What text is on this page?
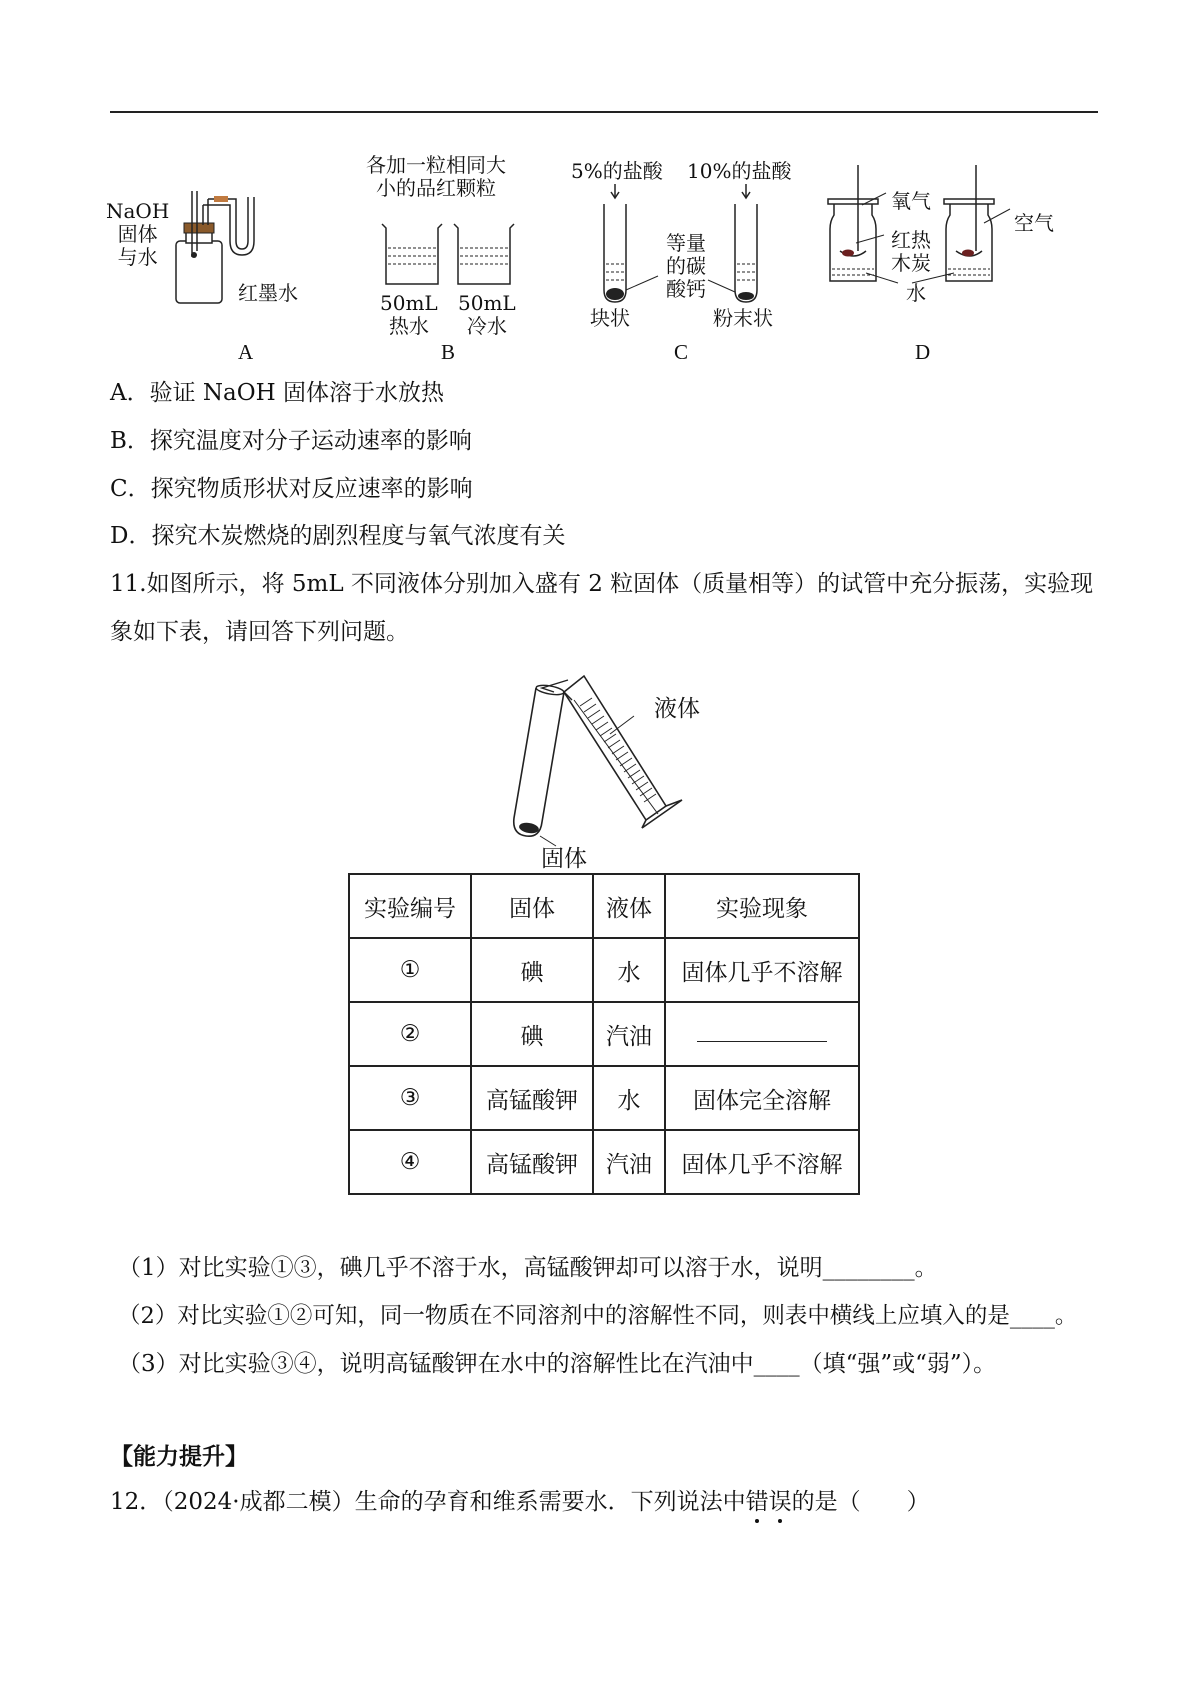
NaOH
固体
与水
红墨水
A
各加一粒相同大
小的品红颗粒
50mL
热水
50mL
冷水
B
5%的盐酸 10%的盐酸
等量
的碳
酸钙
块状	粉末状
C
氧气
红热
木炭
水
空气
D
A．验证 NaOH 固体溶于水放热
B．探究温度对分子运动速率的影响
C．探究物质形状对反应速率的影响
D．探究木炭燃烧的剧烈程度与氧气浓度有关
11.如图所示，将 5mL 不同液体分别加入盛有 2 粒固体（质量相等）的试管中充分振荡，实验现象如下表，请回答下列问题。
液体
固体
实验编号	固体	液体	实验现象
①	碘	水	固体几乎不溶解
②	碘	汽油	
③	高锰酸钾	水	固体完全溶解
④	高锰酸钾	汽油	固体几乎不溶解
（1）对比实验①③，碘几乎不溶于水，高锰酸钾却可以溶于水，说明________。
（2）对比实验①②可知，同一物质在不同溶剂中的溶解性不同，则表中横线上应填入的是____。
（3）对比实验③④，说明高锰酸钾在水中的溶解性比在汽油中____（填“强”或“弱”）。
【能力提升】
12．（2024·成都二模）生命的孕育和维系需要水．下列说法中错误的是（　　）
